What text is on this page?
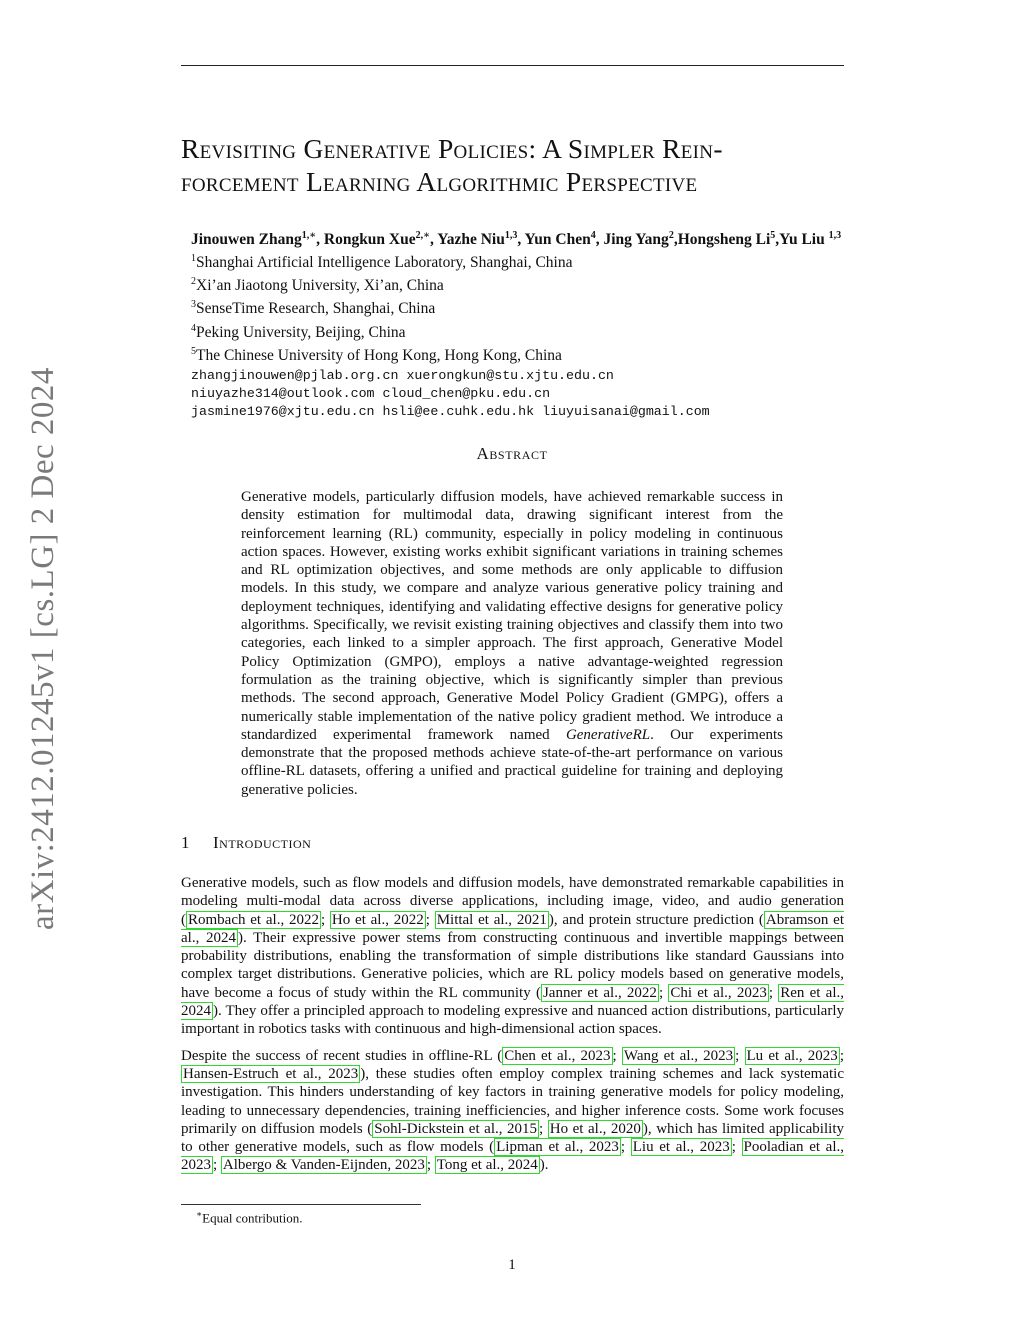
arXiv:2412.01245v1 [cs.LG] 2 Dec 2024
Revisiting Generative Policies: A Simpler Rein-
forcement Learning Algorithmic Perspective
Jinouwen Zhang$^{1,∗}$, Rongkun Xue$^{2,∗}$, Yazhe Niu$^{1,3}$, Yun Chen$^4$, Jing Yang$^2$,Hongsheng Li$^5$,Yu Liu $^{1,3}$
$^1$Shanghai Artificial Intelligence Laboratory, Shanghai, China
$^2$Xi’an Jiaotong University, Xi’an, China
$^3$SenseTime Research, Shanghai, China
$^4$Peking University, Beijing, China
$^5$The Chinese University of Hong Kong, Hong Kong, China
zhangjinouwen@pjlab.org.cn xuerongkun@stu.xjtu.edu.cn
niuyazhe314@outlook.com cloud_chen@pku.edu.cn
jasmine1976@xjtu.edu.cn hsli@ee.cuhk.edu.hk liuyuisanai@gmail.com
Abstract
Generative models, particularly diffusion models, have achieved remarkable success in density estimation for multimodal data, drawing significant interest from the reinforcement learning (RL) community, especially in policy modeling in continuous action spaces. However, existing works exhibit significant variations in training schemes and RL optimization objectives, and some methods are only applicable to diffusion models. In this study, we compare and analyze various generative policy training and deployment techniques, identifying and validating effective designs for generative policy algorithms. Specifically, we revisit existing training objectives and classify them into two categories, each linked to a simpler approach. The first approach, Generative Model Policy Optimization (GMPO), employs a native advantage-weighted regression formulation as the training objective, which is significantly simpler than previous methods. The second approach, Generative Model Policy Gradient (GMPG), offers a numerically stable implementation of the native policy gradient method. We introduce a standardized experimental framework named GenerativeRL. Our experiments demonstrate that the proposed methods achieve state-of-the-art performance on various offline-RL datasets, offering a unified and practical guideline for training and deploying generative policies.
1 Introduction

Generative models, such as flow models and diffusion models, have demonstrated remarkable capabilities in modeling multi-modal data across diverse applications, including image, video, and audio generation ( Rombach et al., 2022 ; Ho et al., 2022 ; Mittal et al., 2021 ), and protein structure prediction ( Abramson et al., 2024 ). Their expressive power stems from constructing continuous and invertible mappings between probability distributions, enabling the transformation of simple distributions like standard Gaussians into complex target distributions. Generative policies, which are RL policy models based on generative models, have become a focus of study within the RL community ( Janner et al., 2022 ; Chi et al., 2023 ; Ren et al., 2024 ). They offer a principled approach to modeling expressive and nuanced action distributions, particularly important in robotics tasks with continuous and high-dimensional action spaces.

Despite the success of recent studies in offline-RL ( Chen et al., 2023 ; Wang et al., 2023 ; Lu et al., 2023 ; Hansen-Estruch et al., 2023 ), these studies often employ complex training schemes and lack systematic investigation. This hinders understanding of key factors in training generative models for policy modeling, leading to unnecessary dependencies, training inefficiencies, and higher inference costs. Some work focuses primarily on diffusion models ( Sohl-Dickstein et al., 2015 ; Ho et al., 2020 ), which has limited applicability to other generative models, such as flow models ( Lipman et al., 2023 ; Liu et al., 2023 ; Pooladian et al., 2023 ; Albergo & Vanden-Eijnden, 2023 ; Tong et al., 2024 ).

∗Equal contribution.
1
